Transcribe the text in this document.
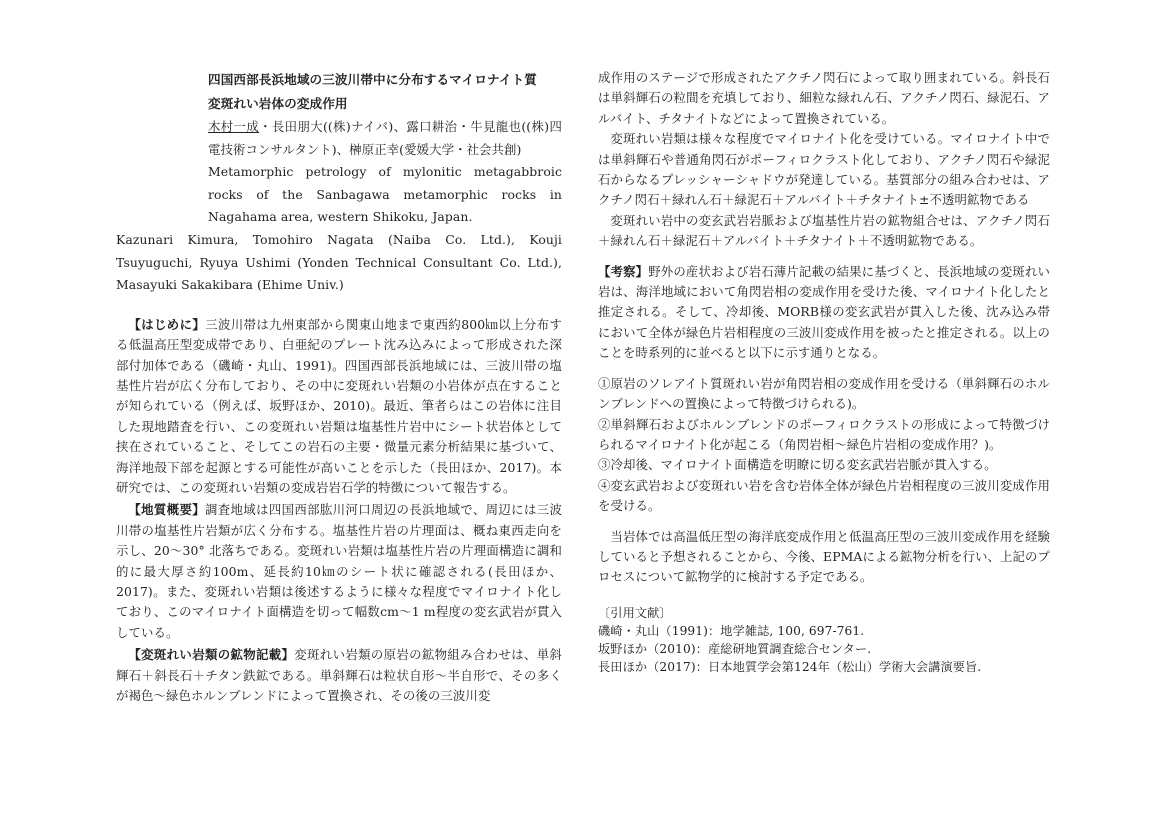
四国西部長浜地域の三波川帯中に分布するマイロナイト質
変斑れい岩体の変成作用

木村一成・長田朋大((株)ナイバ)、露口耕治・牛見龍也((株)四電技術コンサルタント)、榊原正幸(愛媛大学・社会共創)

Metamorphic petrology of mylonitic metagabbroic rocks of the Sanbagawa metamorphic rocks in Nagahama area, western Shikoku, Japan.

Kazunari Kimura, Tomohiro Nagata (Naiba Co. Ltd.), Kouji Tsuyuguchi, Ryuya Ushimi (Yonden Technical Consultant Co. Ltd.), Masayuki Sakakibara (Ehime Univ.)

【はじめに】三波川帯は九州東部から関東山地まで東西約800㎞以上分布する低温高圧型変成帯であり、白亜紀のプレート沈み込みによって形成された深部付加体である（磯崎・丸山、1991)。四国西部長浜地域には、三波川帯の塩基性片岩が広く分布しており、その中に変斑れい岩類の小岩体が点在することが知られている（例えば、坂野ほか、2010)。最近、筆者らはこの岩体に注目した現地踏査を行い、この変斑れい岩類は塩基性片岩中にシート状岩体として挟在されていること、そしてこの岩石の主要・微量元素分析結果に基づいて、海洋地殻下部を起源とする可能性が高いことを示した（長田ほか、2017)。本研究では、この変斑れい岩類の変成岩岩石学的特徴について報告する。

【地質概要】調査地域は四国西部肱川河口周辺の長浜地域で、周辺には三波川帯の塩基性片岩類が広く分布する。塩基性片岩の片理面は、概ね東西走向を示し、20〜30° 北落ちである。変斑れい岩類は塩基性片岩の片理面構造に調和的に最大厚さ約100m、延長約10㎞のシート状に確認される(長田ほか、2017)。また、変斑れい岩類は後述するように様々な程度でマイロナイト化しており、このマイロナイト面構造を切って幅数cm〜1 m程度の変玄武岩が貫入している。

【変斑れい岩類の鉱物記載】変斑れい岩類の原岩の鉱物組み合わせは、単斜輝石＋斜長石＋チタン鉄鉱である。単斜輝石は粒状自形〜半自形で、その多くが褐色〜緑色ホルンブレンドによって置換され、その後の三波川変

成作用のステージで形成されたアクチノ閃石によって取り囲まれている。斜長石は単斜輝石の粒間を充填しており、細粒な緑れん石、アクチノ閃石、緑泥石、アルバイト、チタナイトなどによって置換されている。

変斑れい岩類は様々な程度でマイロナイト化を受けている。マイロナイト中では単斜輝石や普通角閃石がポーフィロクラスト化しており、アクチノ閃石や緑泥石からなるプレッシャーシャドウが発達している。基質部分の組み合わせは、アクチノ閃石＋緑れん石＋緑泥石＋アルバイト＋チタナイト±不透明鉱物である

変斑れい岩中の変玄武岩岩脈および塩基性片岩の鉱物組合せは、アクチノ閃石＋緑れん石＋緑泥石＋アルバイト＋チタナイト＋不透明鉱物である。

【考察】野外の産状および岩石薄片記載の結果に基づくと、長浜地域の変斑れい岩は、海洋地域において角閃岩相の変成作用を受けた後、マイロナイト化したと推定される。そして、冷却後、MORB様の変玄武岩が貫入した後、沈み込み帯において全体が緑色片岩相程度の三波川変成作用を被ったと推定される。以上のことを時系列的に並べると以下に示す通りとなる。

①原岩のソレアイト質斑れい岩が角閃岩相の変成作用を受ける（単斜輝石のホルンブレンドへの置換によって特徴づけられる)。

②単斜輝石およびホルンブレンドのポーフィロクラストの形成によって特徴づけられるマイロナイト化が起こる（角閃岩相〜緑色片岩相の変成作用？)。

③冷却後、マイロナイト面構造を明瞭に切る変玄武岩岩脈が貫入する。

④変玄武岩および変斑れい岩を含む岩体全体が緑色片岩相程度の三波川変成作用を受ける。

当岩体では高温低圧型の海洋底変成作用と低温高圧型の三波川変成作用を経験していると予想されることから、今後、EPMAによる鉱物分析を行い、上記のプロセスについて鉱物学的に検討する予定である。

〔引用文献〕

磯崎・丸山（1991)：地学雑誌, 100, 697-761.

坂野ほか（2010)：産総研地質調査総合センター.

長田ほか（2017)：日本地質学会第124年（松山）学術大会講演要旨.
